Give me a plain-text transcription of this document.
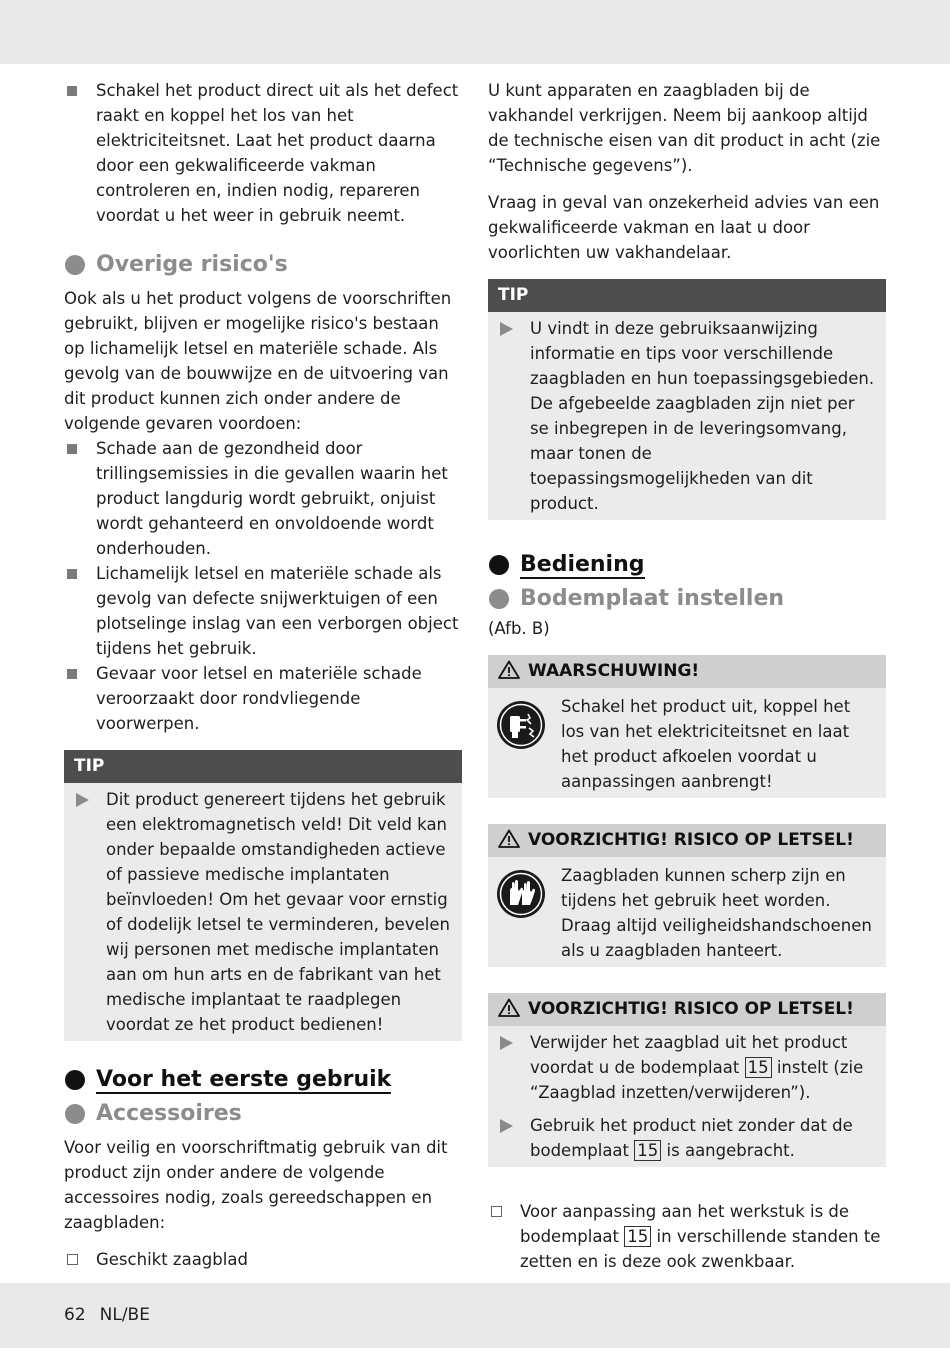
Schakel het product direct uit als het defect raakt en koppel het los van het elektriciteitsnet. Laat het product daarna door een gekwalificeerde vakman controleren en, indien nodig, repareren voordat u het weer in gebruik neemt.
Overige risico's

Ook als u het product volgens de voorschriften gebruikt, blijven er mogelijke risico's bestaan op lichamelijk letsel en materiële schade. Als gevolg van de bouwwijze en de uitvoering van dit product kunnen zich onder andere de volgende gevaren voordoen:

Schade aan de gezondheid door trillingsemissies in die gevallen waarin het product langdurig wordt gebruikt, onjuist wordt gehanteerd en onvoldoende wordt onderhouden.
Lichamelijk letsel en materiële schade als gevolg van defecte snijwerktuigen of een plotselinge inslag van een verborgen object tijdens het gebruik.
Gevaar voor letsel en materiële schade veroorzaakt door rondvliegende voorwerpen.
TIP
Dit product genereert tijdens het gebruik een elektromagnetisch veld! Dit veld kan onder bepaalde omstandigheden actieve of passieve medische implantaten beïnvloeden! Om het gevaar voor ernstig of dodelijk letsel te verminderen, bevelen wij personen met medische implantaten aan om hun arts en de fabrikant van het medische implantaat te raadplegen voordat ze het product bedienen!
Voor het eerste gebruik
Accessoires

Voor veilig en voorschriftmatig gebruik van dit product zijn onder andere de volgende accessoires nodig, zoals gereedschappen en zaagbladen:

Geschikt zaagblad

U kunt apparaten en zaagbladen bij de vakhandel verkrijgen. Neem bij aankoop altijd de technische eisen van dit product in acht (zie “Technische gegevens”).

Vraag in geval van onzekerheid advies van een gekwalificeerde vakman en laat u door voorlichten uw vakhandelaar.

TIP
U vindt in deze gebruiksaanwijzing informatie en tips voor verschillende zaagbladen en hun toepassingsgebieden. De afgebeelde zaagbladen zijn niet per se inbegrepen in de leveringsomvang, maar tonen de toepassingsmogelijkheden van dit product.
Bediening
Bodemplaat instellen

(Afb. B)

WAARSCHUWING!

Schakel het product uit, koppel het los van het elektriciteitsnet en laat het product afkoelen voordat u aanpassingen aanbrengt!

VOORZICHTIG! RISICO OP LETSEL!

Zaagbladen kunnen scherp zijn en tijdens het gebruik heet worden. Draag altijd veiligheidshandschoenen als u zaagbladen hanteert.

VOORZICHTIG! RISICO OP LETSEL!
Verwijder het zaagblad uit het product voordat u de bodemplaat 15 instelt (zie “Zaagblad inzetten/verwijderen”).
Gebruik het product niet zonder dat de bodemplaat 15 is aangebracht.
Voor aanpassing aan het werkstuk is de bodemplaat 15 in verschillende standen te zetten en is deze ook zwenkbaar.
62 NL/BE
